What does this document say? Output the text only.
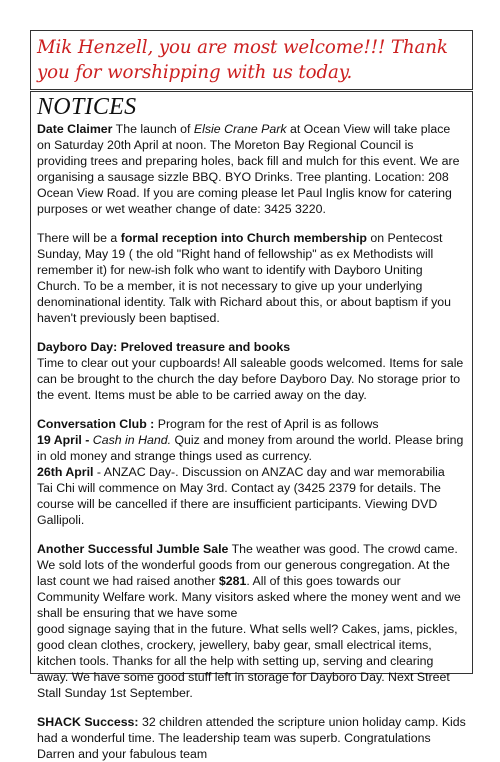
Mik Henzell, you are most welcome!!! Thank you for worshipping with us today.
NOTICES

Date Claimer The launch of Elsie Crane Park at Ocean View will take place on Saturday 20th April at noon. The Moreton Bay Regional Council is providing trees and preparing holes, back fill and mulch for this event. We are organising a sausage sizzle BBQ. BYO Drinks. Tree planting. Location: 208 Ocean View Road. If you are coming please let Paul Inglis know for catering purposes or wet weather change of date: 3425 3220.

There will be a formal reception into Church membership on Pentecost Sunday, May 19 ( the old "Right hand of fellowship" as ex Methodists will remember it) for new-ish folk who want to identify with Dayboro Uniting Church. To be a member, it is not necessary to give up your underlying denominational identity. Talk with Richard about this, or about baptism if you haven't previously been baptised.

Dayboro Day: Preloved treasure and books
Time to clear out your cupboards! All saleable goods welcomed. Items for sale can be brought to the church the day before Dayboro Day. No storage prior to the event. Items must be able to be carried away on the day.

Conversation Club : Program for the rest of April is as follows
19 April - Cash in Hand. Quiz and money from around the world. Please bring in old money and strange things used as currency.
26th April - ANZAC Day-. Discussion on ANZAC day and war memorabilia
Tai Chi will commence on May 3rd. Contact ay (3425 2379 for details. The course will be cancelled if there are insufficient participants. Viewing DVD Gallipoli.

Another Successful Jumble Sale The weather was good. The crowd came. We sold lots of the wonderful goods from our generous congregation. At the last count we had raised another $281. All of this goes towards our Community Welfare work. Many visitors asked where the money went and we shall be ensuring that we have some

good signage saying that in the future. What sells well? Cakes, jams, pickles, good clean clothes, crockery, jewellery, baby gear, small electrical items, kitchen tools. Thanks for all the help with setting up, serving and clearing away. We have some good stuff left in storage for Dayboro Day. Next Street Stall Sunday 1st September.

SHACK Success: 32 children attended the scripture union holiday camp. Kids had a wonderful time. The leadership team was superb. Congratulations Darren and your fabulous team
